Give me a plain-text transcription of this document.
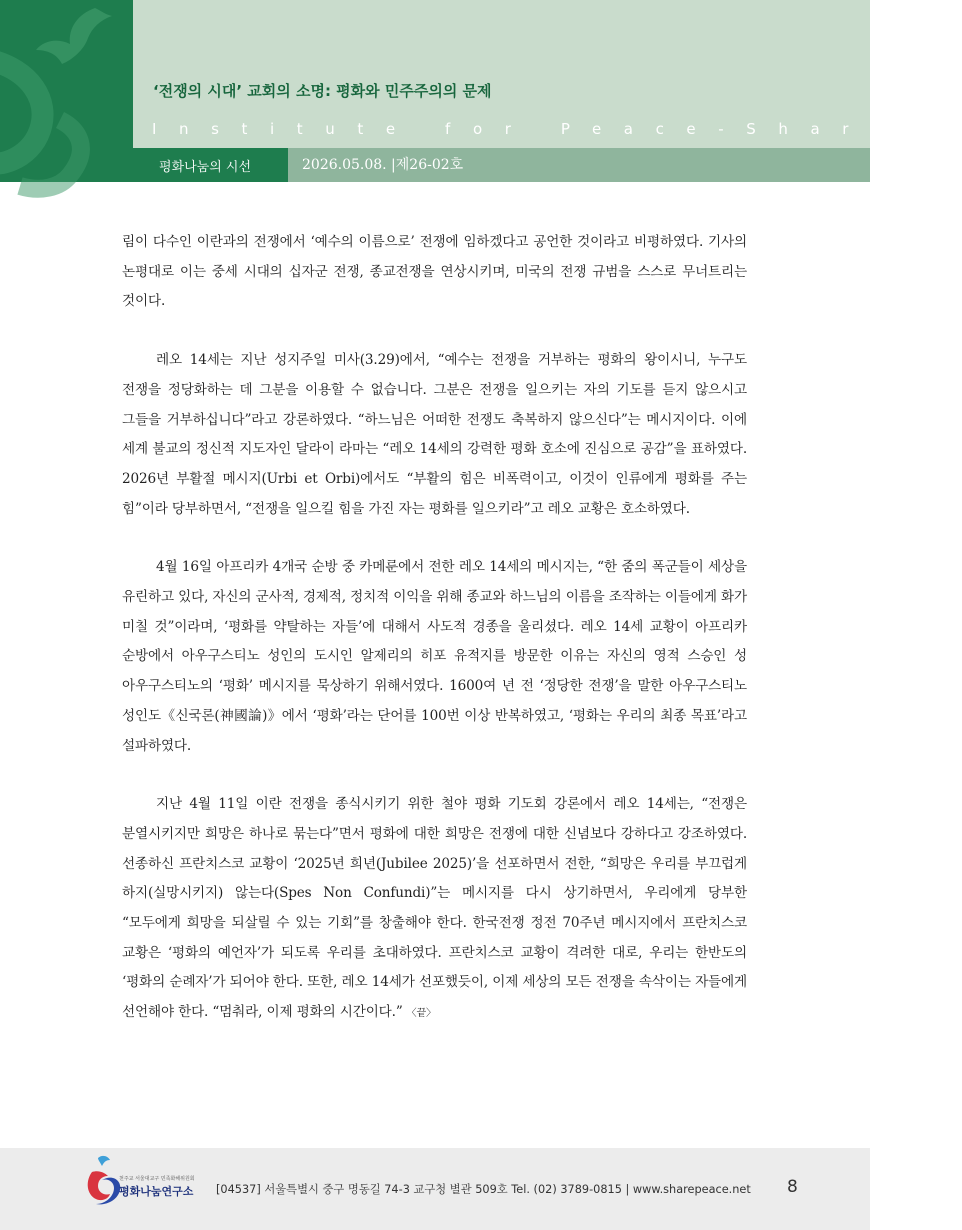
‘전쟁의 시대’ 교회의 소명: 평화와 민주주의의 문제
Institute for Peace-Sharing
평화나눔의 시선	2026.05.08. |제26-02호

림이 다수인 이란과의 전쟁에서 ‘예수의 이름으로’ 전쟁에 임하겠다고 공언한 것이라고 비평하였다. 기사의 논평대로 이는 중세 시대의 십자군 전쟁, 종교전쟁을 연상시키며, 미국의 전쟁 규범을 스스로 무너트리는 것이다.

레오 14세는 지난 성지주일 미사(3.29)에서, “예수는 전쟁을 거부하는 평화의 왕이시니, 누구도 전쟁을 정당화하는 데 그분을 이용할 수 없습니다. 그분은 전쟁을 일으키는 자의 기도를 듣지 않으시고 그들을 거부하십니다”라고 강론하였다. “하느님은 어떠한 전쟁도 축복하지 않으신다”는 메시지이다. 이에 세계 불교의 정신적 지도자인 달라이 라마는 “레오 14세의 강력한 평화 호소에 진심으로 공감”을 표하였다. 2026년 부활절 메시지(Urbi et Orbi)에서도 “부활의 힘은 비폭력이고, 이것이 인류에게 평화를 주는 힘”이라 당부하면서, “전쟁을 일으킬 힘을 가진 자는 평화를 일으키라”고 레오 교황은 호소하였다.

4월 16일 아프리카 4개국 순방 중 카메룬에서 전한 레오 14세의 메시지는, “한 줌의 폭군들이 세상을 유린하고 있다, 자신의 군사적, 경제적, 정치적 이익을 위해 종교와 하느님의 이름을 조작하는 이들에게 화가 미칠 것”이라며, ‘평화를 약탈하는 자들’에 대해서 사도적 경종을 울리셨다. 레오 14세 교황이 아프리카 순방에서 아우구스티노 성인의 도시인 알제리의 히포 유적지를 방문한 이유는 자신의 영적 스승인 성 아우구스티노의 ‘평화’ 메시지를 묵상하기 위해서였다. 1600여 년 전 ‘정당한 전쟁’을 말한 아우구스티노 성인도《신국론(神國論)》에서 ‘평화’라는 단어를 100번 이상 반복하였고, ‘평화는 우리의 최종 목표’라고 설파하였다.

지난 4월 11일 이란 전쟁을 종식시키기 위한 철야 평화 기도회 강론에서 레오 14세는, “전쟁은 분열시키지만 희망은 하나로 묶는다”면서 평화에 대한 희망은 전쟁에 대한 신념보다 강하다고 강조하였다. 선종하신 프란치스코 교황이 ‘2025년 희년(Jubilee 2025)’을 선포하면서 전한, “희망은 우리를 부끄럽게 하지(실망시키지) 않는다(Spes Non Confundi)”는 메시지를 다시 상기하면서, 우리에게 당부한 “모두에게 희망을 되살릴 수 있는 기회”를 창출해야 한다. 한국전쟁 정전 70주년 메시지에서 프란치스코 교황은 ‘평화의 예언자’가 되도록 우리를 초대하였다. 프란치스코 교황이 격려한 대로, 우리는 한반도의 ‘평화의 순례자’가 되어야 한다. 또한, 레오 14세가 선포했듯이, 이제 세상의 모든 전쟁을 속삭이는 자들에게 선언해야 한다. “멈춰라, 이제 평화의 시간이다.” 〈끝〉

천주교 서울대교구 민족화해위원회
평화나눔연구소 [04537] 서울특별시 중구 명동길 74-3 교구청 별관 509호 Tel. (02) 3789-0815 | www.sharepeace.net 8
